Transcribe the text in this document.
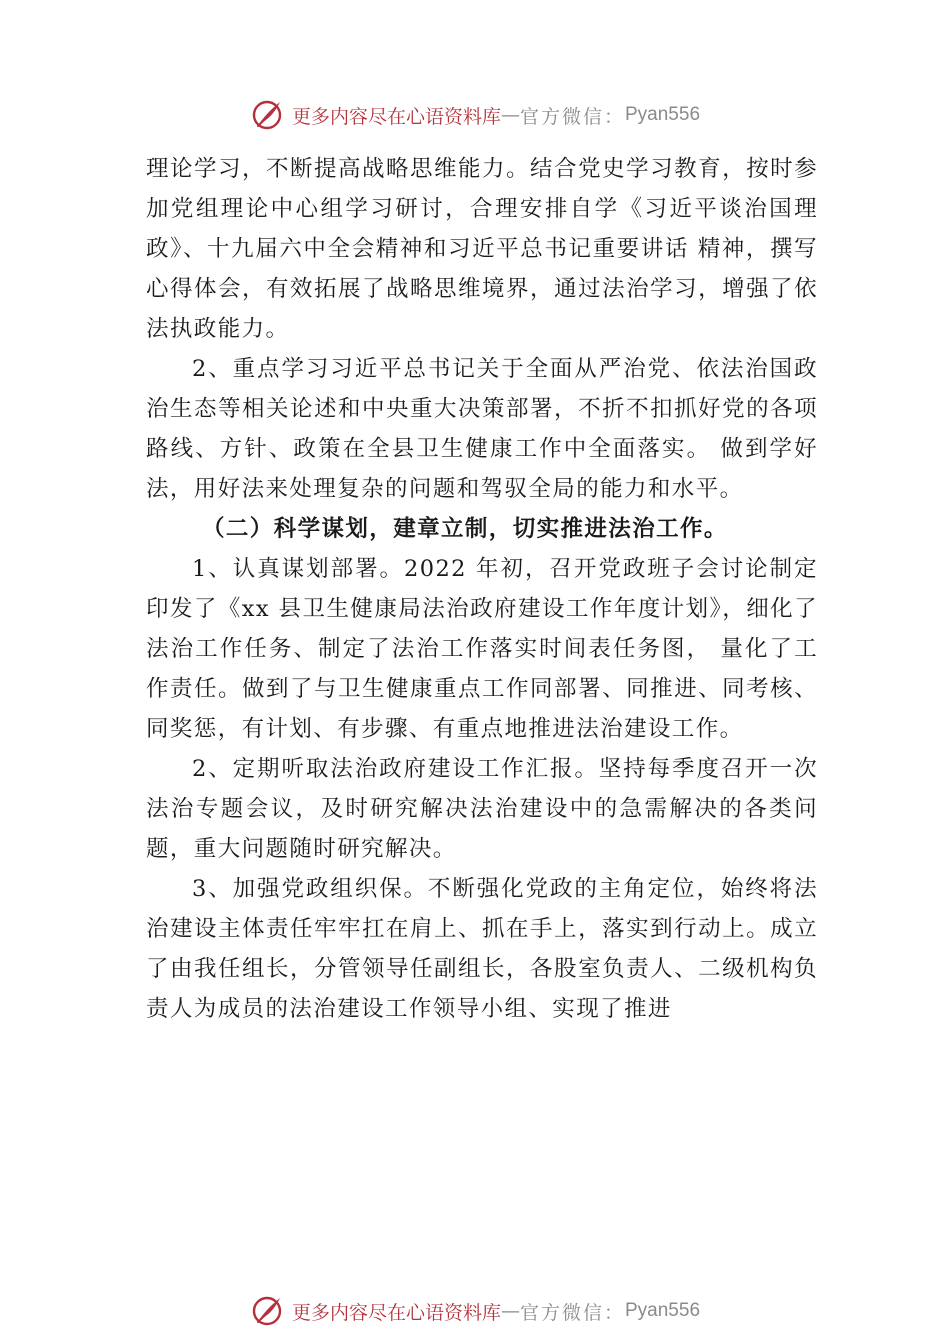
更多内容尽在心语资料库 — 官方微信： Pyan556

理论学习，不断提高战略思维能力。结合党史学习教育，按时参加党组理论中心组学习研讨，合理安排自学《习近平谈治国理政》、十九届六中全会精神和习近平总书记重要讲话 精神，撰写心得体会，有效拓展了战略思维境界，通过法治学习，增强了依法执政能力。

2、重点学习习近平总书记关于全面从严治党、依法治国政治生态等相关论述和中央重大决策部署，不折不扣抓好党的各项路线、方针、政策在全县卫生健康工作中全面落实。 做到学好法，用好法来处理复杂的问题和驾驭全局的能力和水平。

（二）科学谋划，建章立制，切实推进法治工作。

1、认真谋划部署。2022 年初，召开党政班子会讨论制定印发了《xx 县卫生健康局法治政府建设工作年度计划》，细化了法治工作任务、制定了法治工作落实时间表任务图， 量化了工作责任。做到了与卫生健康重点工作同部署、同推进、同考核、同奖惩，有计划、有步骤、有重点地推进法治建设工作。

2、定期听取法治政府建设工作汇报。坚持每季度召开一次法治专题会议，及时研究解决法治建设中的急需解决的各类问题，重大问题随时研究解决。

3、加强党政组织保。不断强化党政的主角定位，始终将法治建设主体责任牢牢扛在肩上、抓在手上，落实到行动上。成立了由我任组长，分管领导任副组长，各股室负责人、二级机构负责人为成员的法治建设工作领导小组、实现了推进

更多内容尽在心语资料库 — 官方微信： Pyan556
